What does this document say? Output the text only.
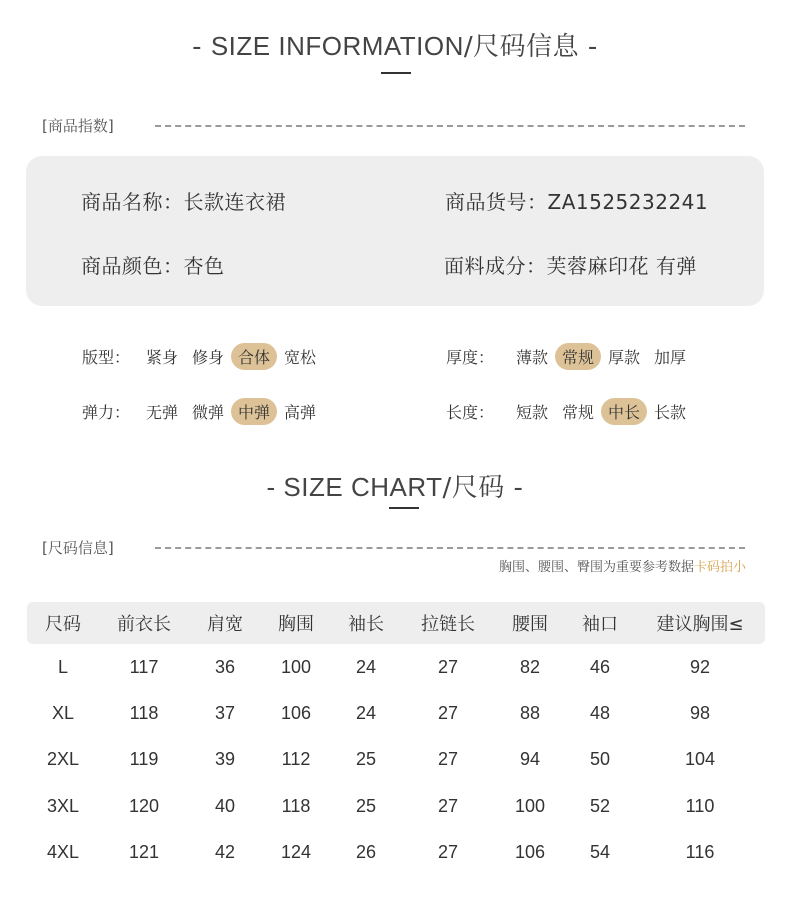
- SIZE INFORMATION/尺码信息 -
[商品指数]
商品名称：长款连衣裙	商品货号：ZA1525232241
商品颜色：杏色	面料成分：芙蓉麻印花 有弹
版型： 紧身 修身 合体 宽松	厚度：	薄款 常规 厚款 加厚
弹力： 无弹 微弹 中弹 高弹	长度：	短款 常规 中长 长款
- SIZE CHART/尺码 -
[尺码信息]
胸围、腰围、臀围为重要参考数据卡码拍小
尺码	前衣长	肩宽	胸围	袖长	拉链长	腰围	袖口	建议胸围≤
L	117	36	100	24	27	82	46	92
XL	118	37	106	24	27	88	48	98
2XL	119	39	112	25	27	94	50	104
3XL	120	40	118	25	27	100	52	110
4XL	121	42	124	26	27	106	54	116
